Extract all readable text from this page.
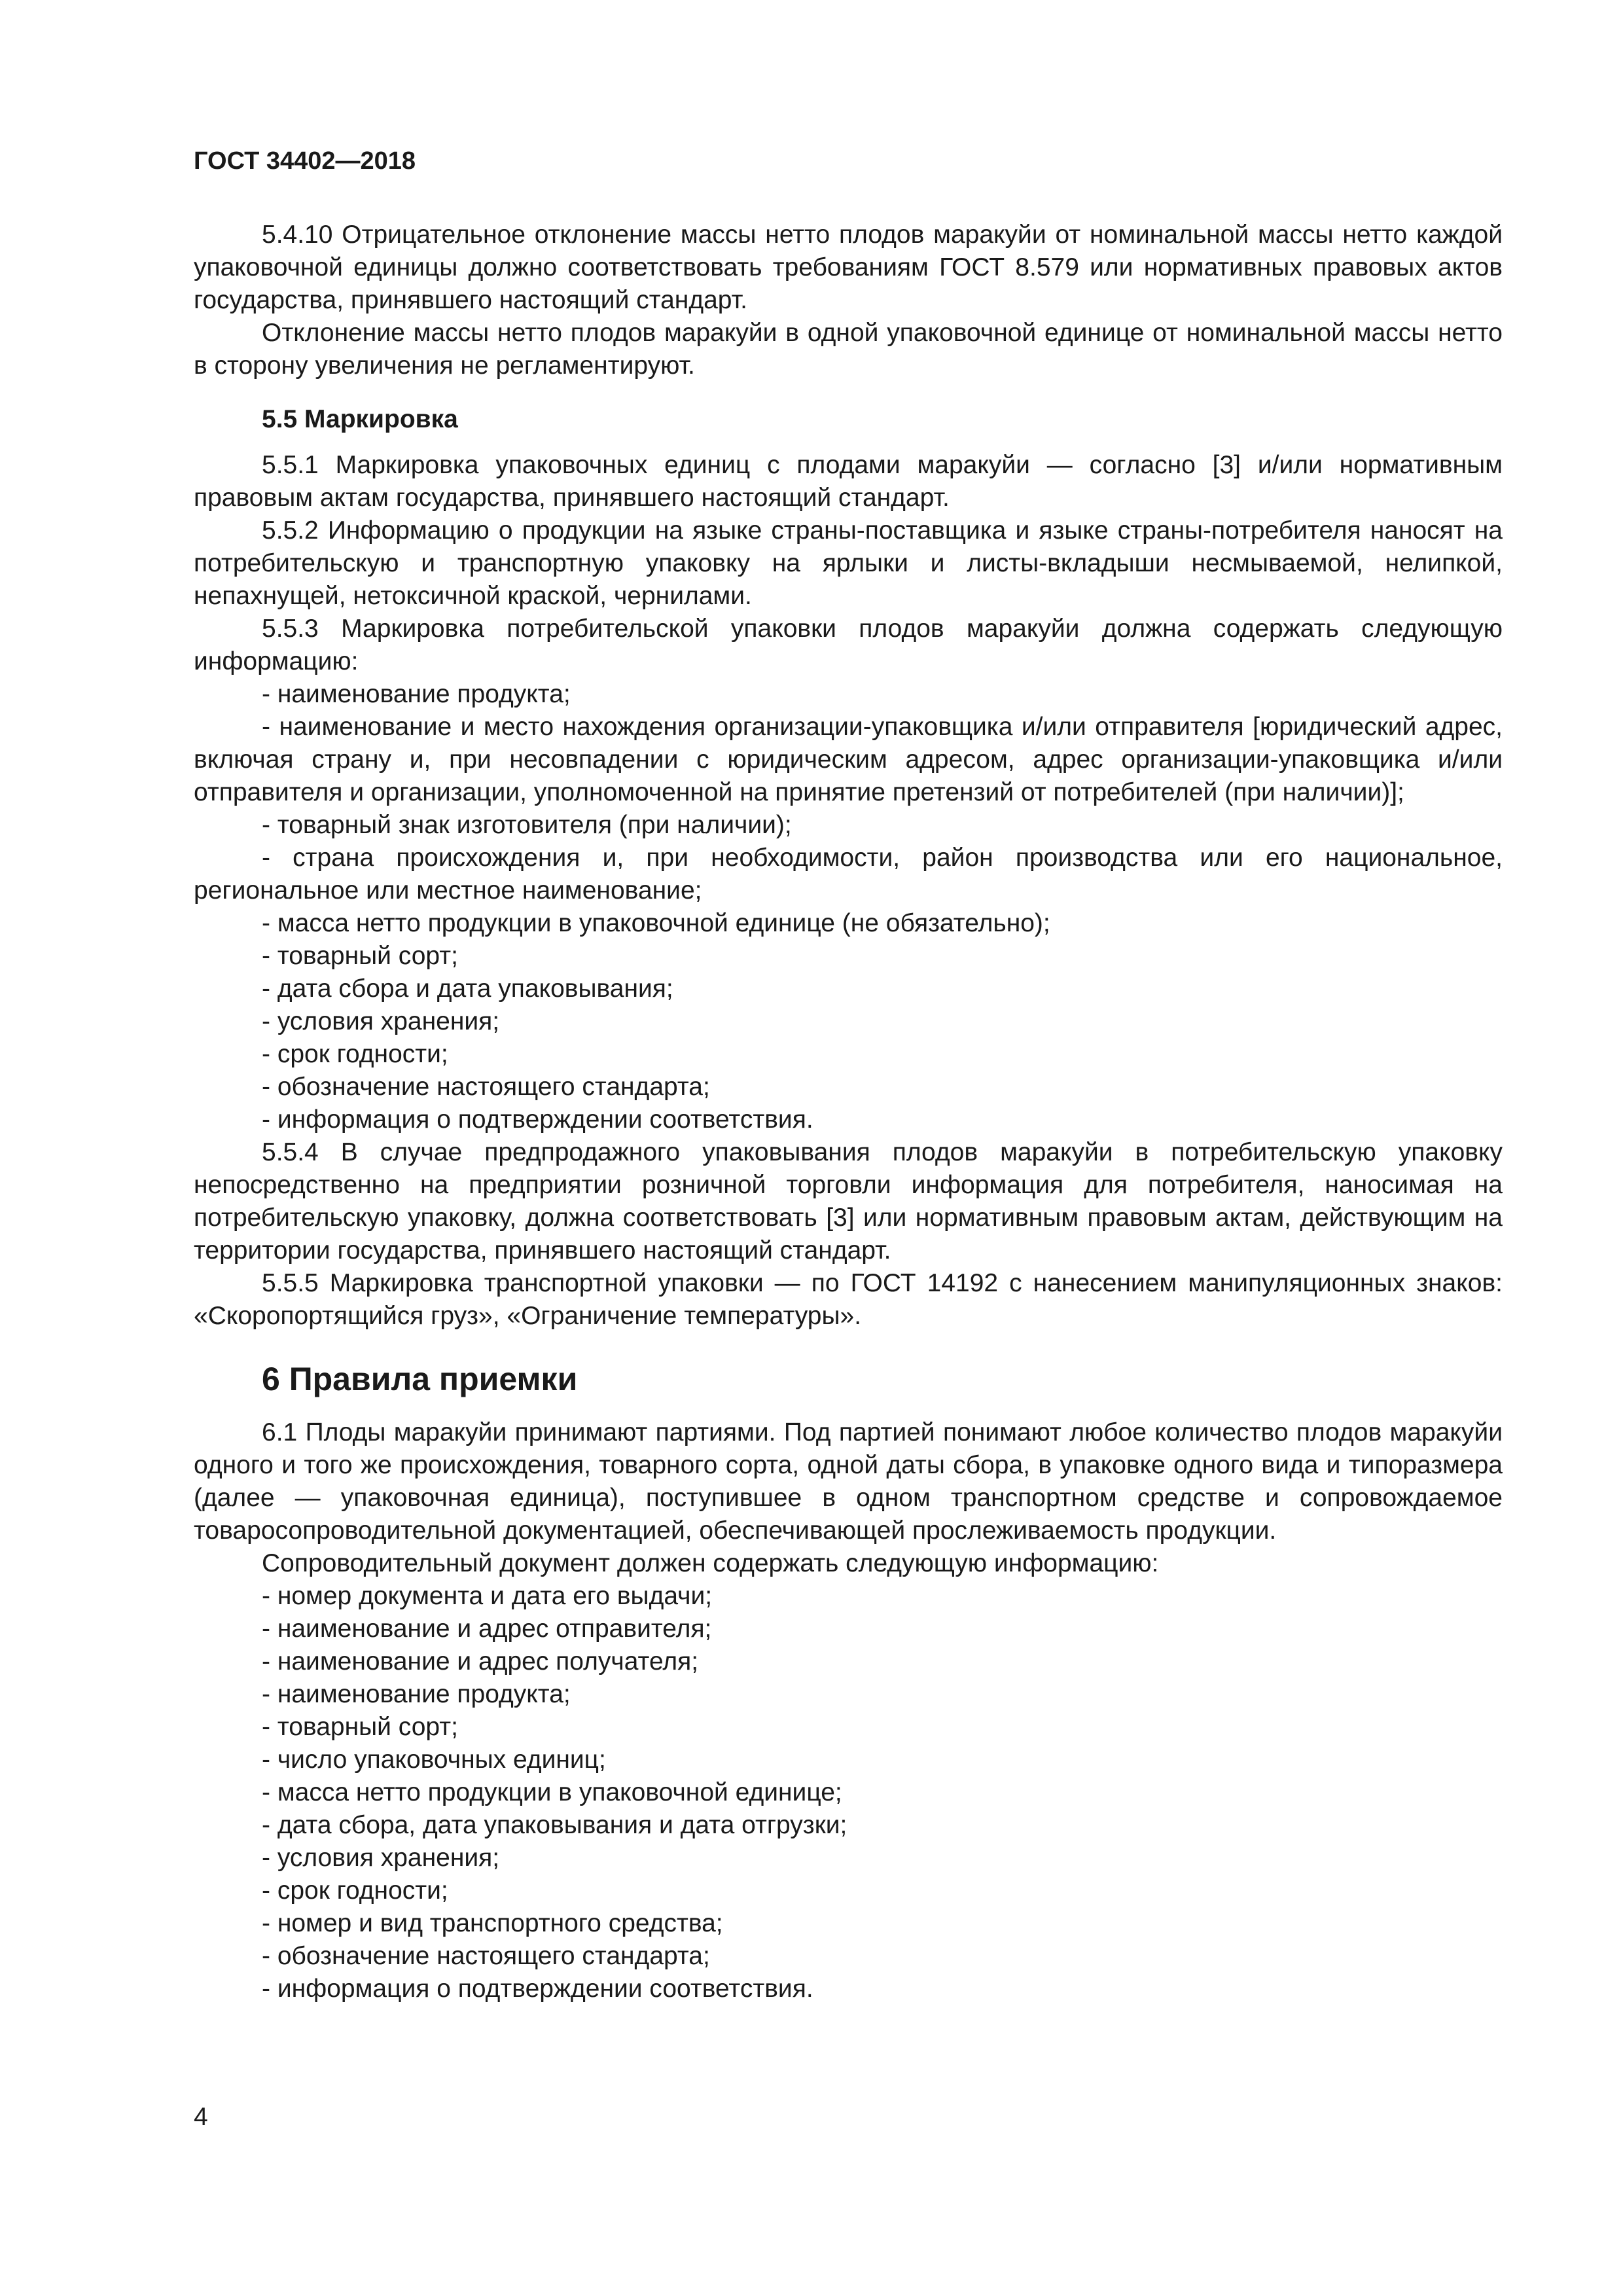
ГОСТ 34402—2018

5.4.10 Отрицательное отклонение массы нетто плодов маракуйи от номинальной массы нетто каждой упаковочной единицы должно соответствовать требованиям ГОСТ 8.579 или нормативных правовых актов государства, принявшего настоящий стандарт.

Отклонение массы нетто плодов маракуйи в одной упаковочной единице от номинальной массы нетто в сторону увеличения не регламентируют.

5.5 Маркировка

5.5.1 Маркировка упаковочных единиц с плодами маракуйи — согласно [3] и/или нормативным правовым актам государства, принявшего настоящий стандарт.

5.5.2 Информацию о продукции на языке страны-поставщика и языке страны-потребителя наносят на потребительскую и транспортную упаковку на ярлыки и листы-вкладыши несмываемой, нелипкой, непахнущей, нетоксичной краской, чернилами.

5.5.3 Маркировка потребительской упаковки плодов маракуйи должна содержать следующую информацию:

- наименование продукта;

- наименование и место нахождения организации-упаковщика и/или отправителя [юридический адрес, включая страну и, при несовпадении с юридическим адресом, адрес организации-упаковщика и/или отправителя и организации, уполномоченной на принятие претензий от потребителей (при наличии)];

- товарный знак изготовителя (при наличии);

- страна происхождения и, при необходимости, район производства или его национальное, региональное или местное наименование;

- масса нетто продукции в упаковочной единице (не обязательно);

- товарный сорт;

- дата сбора и дата упаковывания;

- условия хранения;

- срок годности;

- обозначение настоящего стандарта;

- информация о подтверждении соответствия.

5.5.4 В случае предпродажного упаковывания плодов маракуйи в потребительскую упаковку непосредственно на предприятии розничной торговли информация для потребителя, наносимая на потребительскую упаковку, должна соответствовать [3] или нормативным правовым актам, действующим на территории государства, принявшего настоящий стандарт.

5.5.5 Маркировка транспортной упаковки — по ГОСТ 14192 с нанесением манипуляционных знаков: «Скоропортящийся груз», «Ограничение температуры».

6 Правила приемки

6.1 Плоды маракуйи принимают партиями. Под партией понимают любое количество плодов маракуйи одного и того же происхождения, товарного сорта, одной даты сбора, в упаковке одного вида и типоразмера (далее — упаковочная единица), поступившее в одном транспортном средстве и сопровождаемое товаросопроводительной документацией, обеспечивающей прослеживаемость продукции.

Сопроводительный документ должен содержать следующую информацию:

- номер документа и дата его выдачи;

- наименование и адрес отправителя;

- наименование и адрес получателя;

- наименование продукта;

- товарный сорт;

- число упаковочных единиц;

- масса нетто продукции в упаковочной единице;

- дата сбора, дата упаковывания и дата отгрузки;

- условия хранения;

- срок годности;

- номер и вид транспортного средства;

- обозначение настоящего стандарта;

- информация о подтверждении соответствия.

4
